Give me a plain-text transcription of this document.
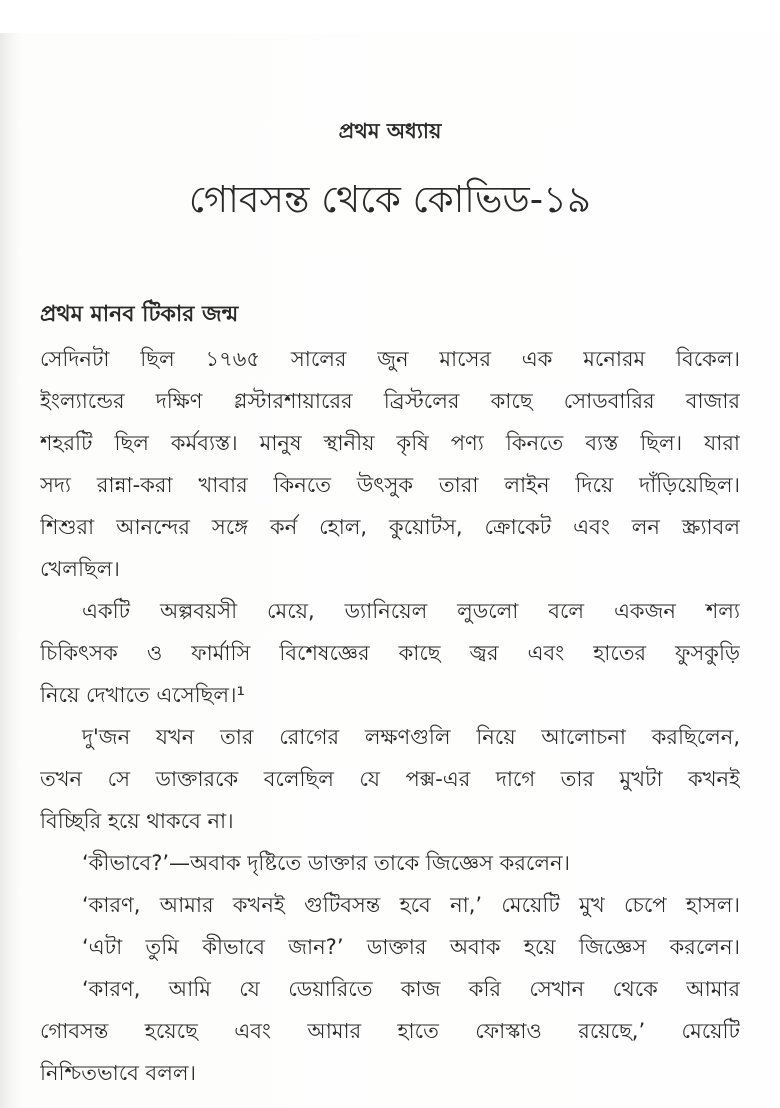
প্রথম অধ্যায়
গোবসন্ত থেকে কোভিড-১৯
প্রথম মানব টিকার জন্ম
সেদিনটা ছিল ১৭৬৫ সালের জুন মাসের এক মনোরম বিকেল।
ইংল্যান্ডের দক্ষিণ গ্লস্টারশায়ারের ব্রিস্টলের কাছে সোডবারির বাজার
শহরটি ছিল কর্মব্যস্ত। মানুষ স্থানীয় কৃষি পণ্য কিনতে ব্যস্ত ছিল। যারা
সদ্য রান্না-করা খাবার কিনতে উৎসুক তারা লাইন দিয়ে দাঁড়িয়েছিল।
শিশুরা আনন্দের সঙ্গে কর্ন হোল, কুয়োটস, ক্রোকেট এবং লন স্ক্র্যাবল
খেলছিল।
একটি অল্পবয়সী মেয়ে, ড্যানিয়েল লুডলো বলে একজন শল্য
চিকিৎসক ও ফার্মাসি বিশেষজ্ঞের কাছে জ্বর এবং হাতের ফুসকুড়ি
নিয়ে দেখাতে এসেছিল।¹
দু'জন যখন তার রোগের লক্ষণগুলি নিয়ে আলোচনা করছিলেন,
তখন সে ডাক্তারকে বলেছিল যে পক্স-এর দাগে তার মুখটা কখনই
বিচ্ছিরি হয়ে থাকবে না।
‘কীভাবে?’—অবাক দৃষ্টিতে ডাক্তার তাকে জিজ্ঞেস করলেন।
‘কারণ, আমার কখনই গুটিবসন্ত হবে না,’ মেয়েটি মুখ চেপে হাসল।
‘এটা তুমি কীভাবে জান?’ ডাক্তার অবাক হয়ে জিজ্ঞেস করলেন।
‘কারণ, আমি যে ডেয়ারিতে কাজ করি সেখান থেকে আমার
গোবসন্ত হয়েছে এবং আমার হাতে ফোস্কাও রয়েছে,’ মেয়েটি
নিশ্চিতভাবে বলল।
